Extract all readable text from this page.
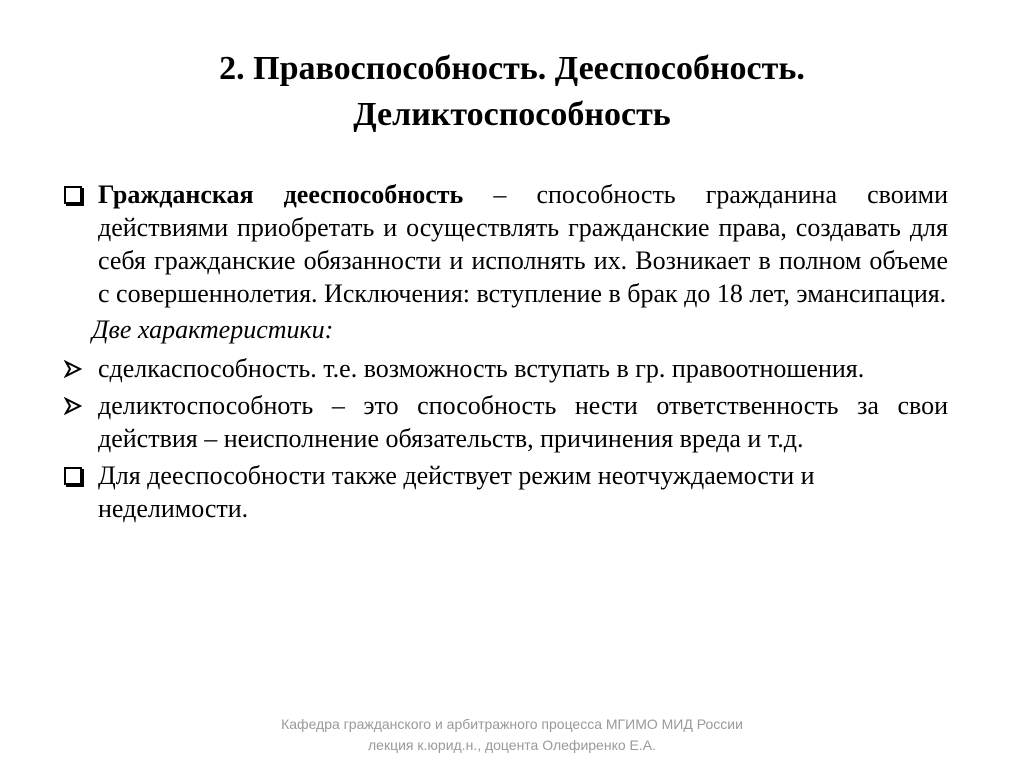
2. Правоспособность. Дееспособность.
Деликтоспособность
Гражданская дееспособность – способность гражданина своими действиями приобретать и осуществлять гражданские права, создавать для себя гражданские обязанности и исполнять их. Возникает в полном объеме с совершеннолетия. Исключения: вступление в брак до 18 лет, эмансипация.
Две характеристики:
сделкаспособность. т.е. возможность вступать в гр. правоотношения.
деликтоспособноть – это способность нести ответственность за свои действия – неисполнение обязательств, причинения вреда и т.д.
Для дееспособности также действует режим неотчуждаемости и неделимости.
Кафедра гражданского и арбитражного процесса МГИМО МИД России
лекция к.юрид.н., доцента Олефиренко Е.А.
